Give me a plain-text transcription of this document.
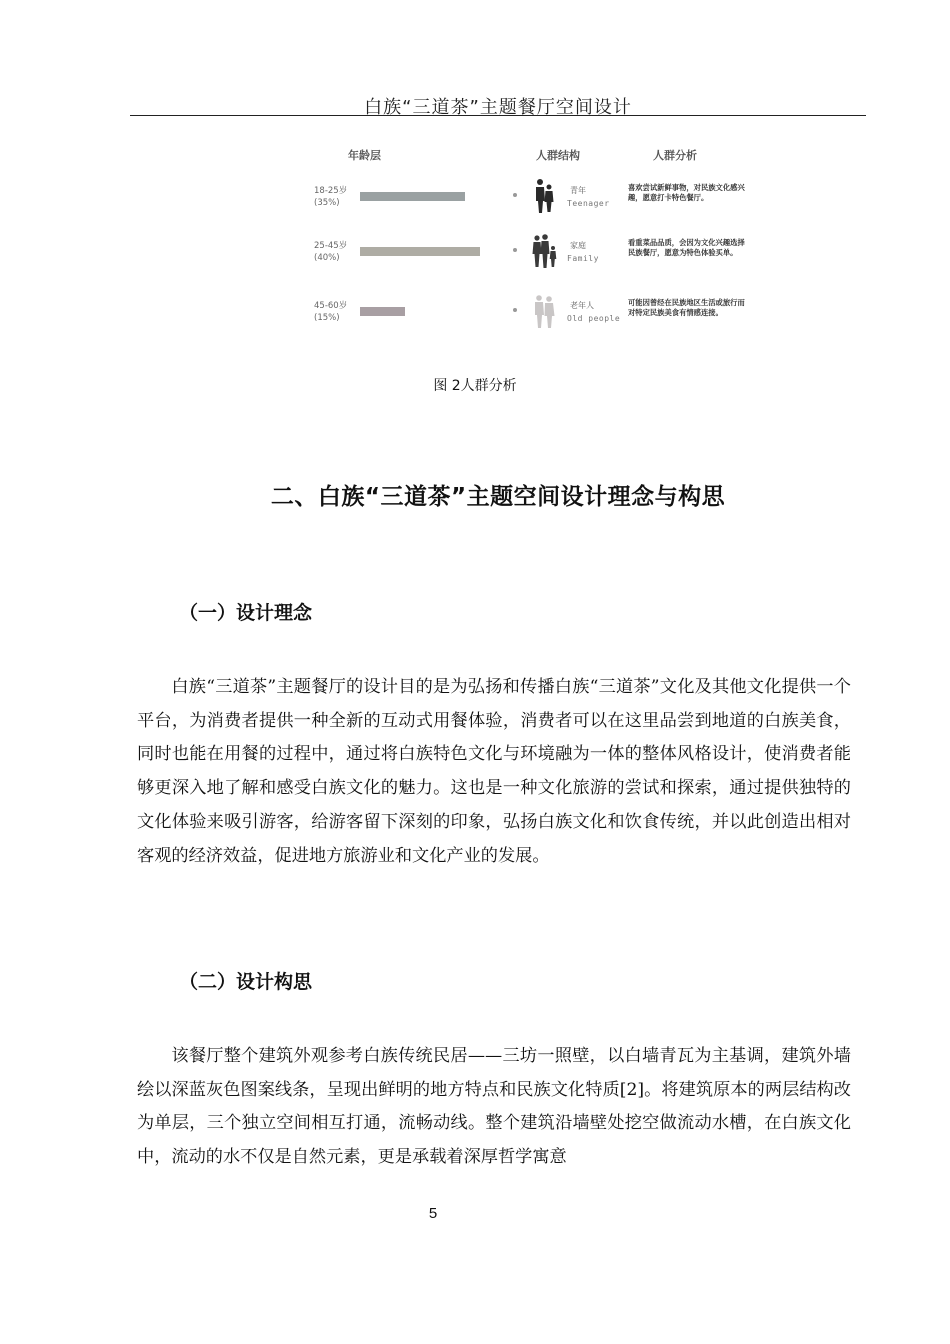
白族“三道茶”主题餐厅空间设计
年龄层	人群结构	人群分析
18-25岁
(35%)
青年
Teenager
喜欢尝试新鲜事物，对民族文化感兴趣，愿意打卡特色餐厅。
25-45岁
(40%)
家庭
Family
看重菜品品质，会因为文化兴趣选择民族餐厅，愿意为特色体验买单。
45-60岁
(15%)
老年人
Old people
可能因曾经在民族地区生活或旅行而对特定民族美食有情感连接。
图 2人群分析
二、白族“三道茶”主题空间设计理念与构思
（一）设计理念

白族“三道茶”主题餐厅的设计目的是为弘扬和传播白族“三道茶”文化及其他文化提供一个平台，为消费者提供一种全新的互动式用餐体验，消费者可以在这里品尝到地道的白族美食，同时也能在用餐的过程中，通过将白族特色文化与环境融为一体的整体风格设计，使消费者能够更深入地了解和感受白族文化的魅力。这也是一种文化旅游的尝试和探索，通过提供独特的文化体验来吸引游客，给游客留下深刻的印象，弘扬白族文化和饮食传统，并以此创造出相对客观的经济效益，促进地方旅游业和文化产业的发展。

（二）设计构思

该餐厅整个建筑外观参考白族传统民居——三坊一照壁，以白墙青瓦为主基调，建筑外墙绘以深蓝灰色图案线条，呈现出鲜明的地方特点和民族文化特质[2]。将建筑原本的两层结构改为单层，三个独立空间相互打通，流畅动线。整个建筑沿墙壁处挖空做流动水槽，在白族文化中，流动的水不仅是自然元素，更是承载着深厚哲学寓意

5
